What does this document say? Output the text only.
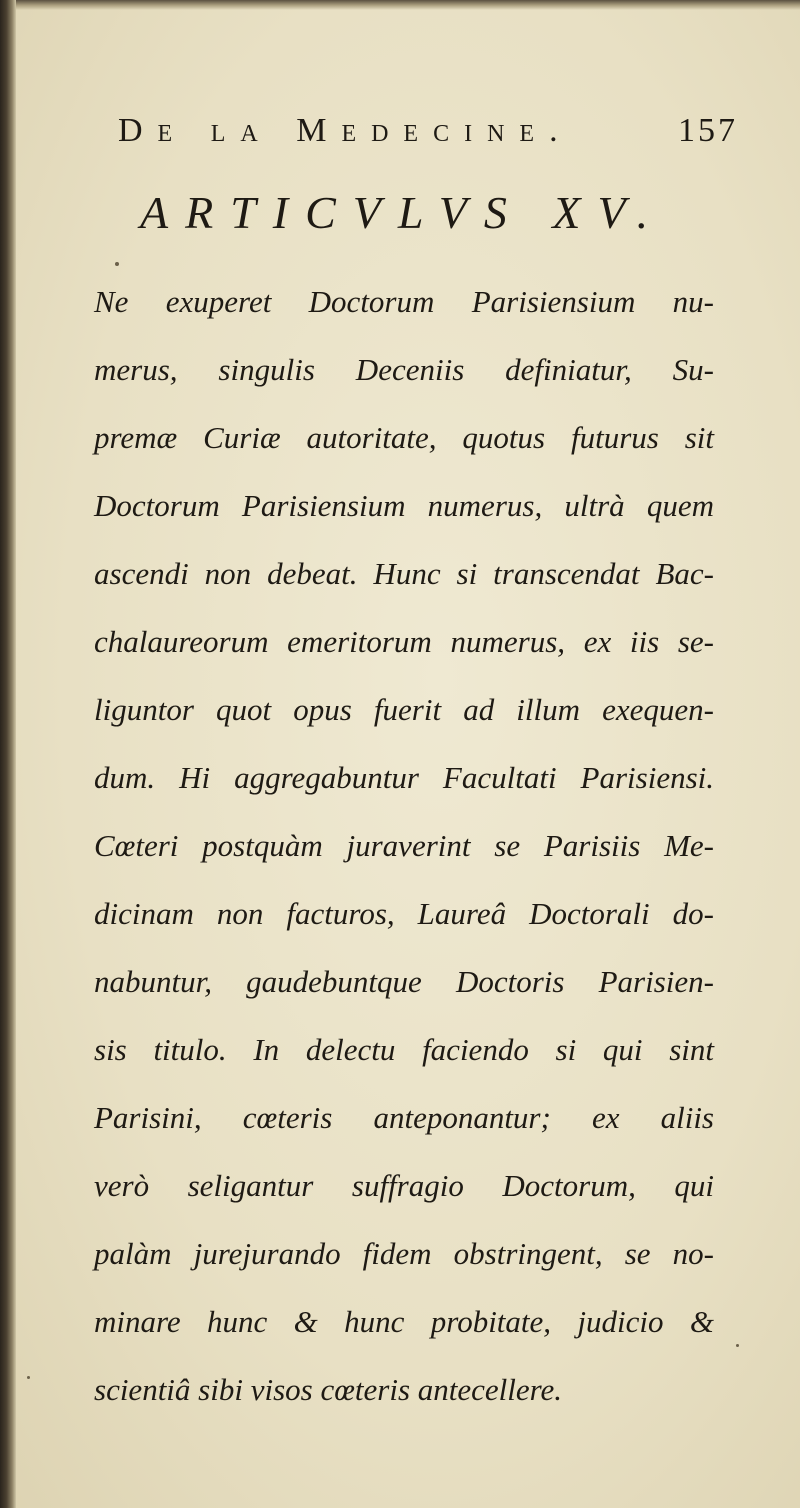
De la Medecine.	157
ARTICVLVS XV.
Ne exuperet Doctorum Parisiensium nu-
merus, singulis Deceniis definiatur, Su-
premæ Curiæ autoritate, quotus futurus sit
Doctorum Parisiensium numerus, ultrà quem
ascendi non debeat. Hunc si transcendat Bac-
chalaureorum emeritorum numerus, ex iis se-
liguntor quot opus fuerit ad illum exequen-
dum. Hi aggregabuntur Facultati Parisiensi.
Cœteri postquàm juraverint se Parisiis Me-
dicinam non facturos, Laureâ Doctorali do-
nabuntur, gaudebuntque Doctoris Parisien-
sis titulo. In delectu faciendo si qui sint
Parisini, cœteris anteponantur; ex aliis
verò seligantur suffragio Doctorum, qui
palàm jurejurando fidem obstringent, se no-
minare hunc & hunc probitate, judicio &
scientiâ sibi visos cœteris antecellere.
